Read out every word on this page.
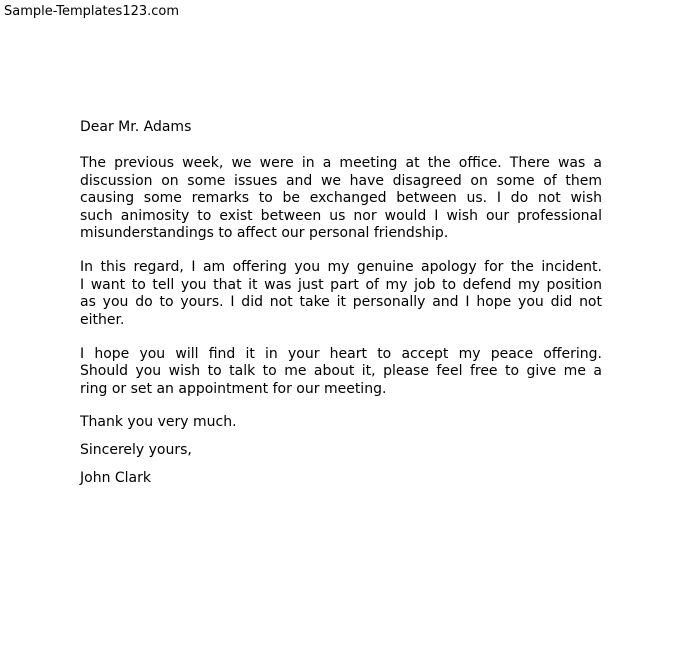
Sample-Templates123.com

Dear Mr. Adams

The previous week, we were in a meeting at the office. There was a
discussion on some issues and we have disagreed on some of them
causing some remarks to be exchanged between us. I do not wish
such animosity to exist between us nor would I wish our professional
misunderstandings to affect our personal friendship.

In this regard, I am offering you my genuine apology for the incident.
I want to tell you that it was just part of my job to defend my position
as you do to yours. I did not take it personally and I hope you did not
either.

I hope you will find it in your heart to accept my peace offering.
Should you wish to talk to me about it, please feel free to give me a
ring or set an appointment for our meeting.

Thank you very much.

Sincerely yours,

John Clark
